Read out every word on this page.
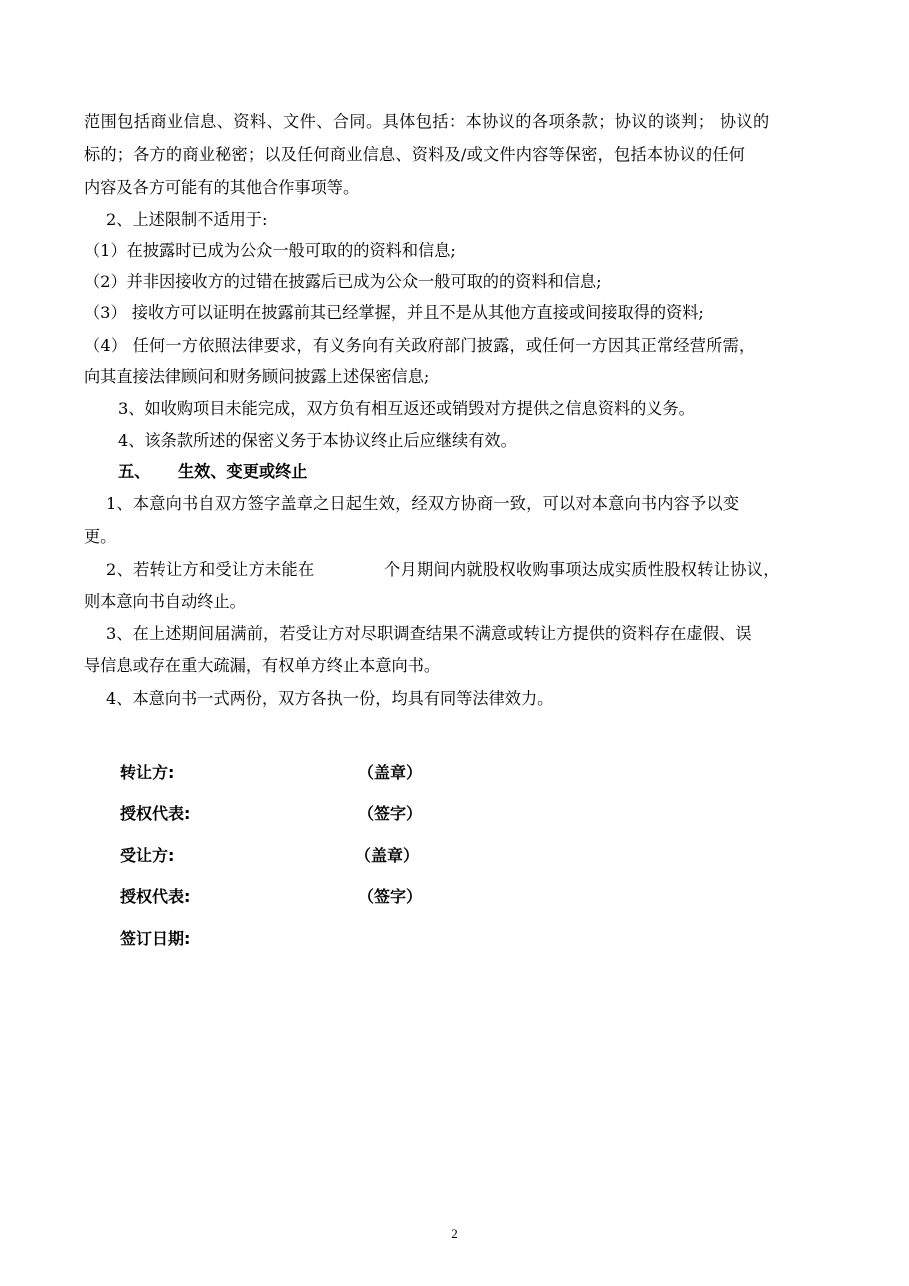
范围包括商业信息、资料、文件、合同。具体包括：本协议的各项条款；协议的谈判； 协议的
标的；各方的商业秘密；以及任何商业信息、资料及/或文件内容等保密，包括本协议的任何
内容及各方可能有的其他合作事项等。
2、上述限制不适用于:
（1）在披露时已成为公众一般可取的的资料和信息;
（2）并非因接收方的过错在披露后已成为公众一般可取的的资料和信息;
（3） 接收方可以证明在披露前其已经掌握，并且不是从其他方直接或间接取得的资料;
（4） 任何一方依照法律要求，有义务向有关政府部门披露，或任何一方因其正常经营所需，
向其直接法律顾问和财务顾问披露上述保密信息;
3、如收购项目未能完成，双方负有相互返还或销毁对方提供之信息资料的义务。
4、该条款所述的保密义务于本协议终止后应继续有效。
五、 生效、变更或终止
1、本意向书自双方签字盖章之日起生效，经双方协商一致，可以对本意向书内容予以变
更。
2、若转让方和受让方未能在	个月期间内就股权收购事项达成实质性股权转让协议，
则本意向书自动终止。
3、在上述期间届满前，若受让方对尽职调查结果不满意或转让方提供的资料存在虚假、误
导信息或存在重大疏漏，有权单方终止本意向书。
4、本意向书一式两份，双方各执一份，均具有同等法律效力。
转让方:	（盖章）
授权代表:	（签字）
受让方:	（盖章）
授权代表:	（签字）
签订日期:
2
